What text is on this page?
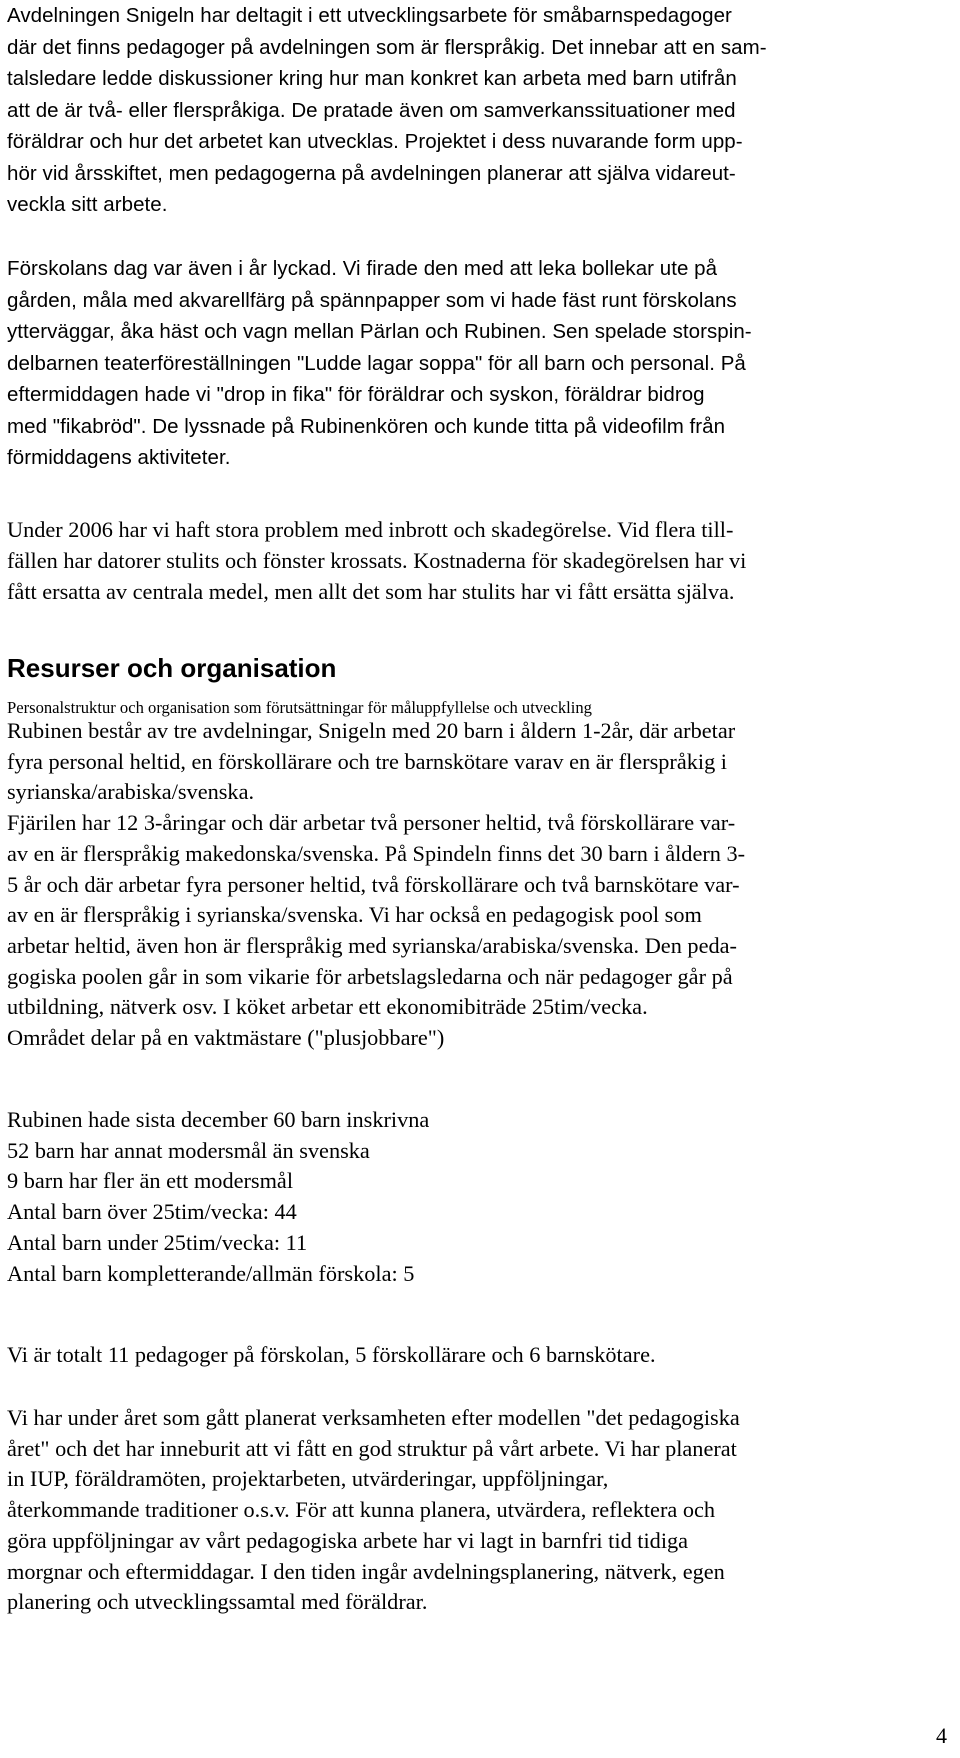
Avdelningen Snigeln har deltagit i ett utvecklingsarbete för småbarnspedagoger
där det finns pedagoger på avdelningen som är flerspråkig. Det innebar att en sam-
talsledare ledde diskussioner kring hur man konkret kan arbeta med barn utifrån
att de är två- eller flerspråkiga. De pratade även om samverkanssituationer med
föräldrar och hur det arbetet kan utvecklas. Projektet i dess nuvarande form upp-
hör vid årsskiftet, men pedagogerna på avdelningen planerar att själva vidareut-
veckla sitt arbete.
Förskolans dag var även i år lyckad. Vi firade den med att leka bollekar ute på
gården, måla med akvarellfärg på spännpapper som vi hade fäst runt förskolans
ytterväggar, åka häst och vagn mellan Pärlan och Rubinen. Sen spelade storspin-
delbarnen teaterföreställningen "Ludde lagar soppa" för all barn och personal. På
eftermiddagen hade vi "drop in fika" för föräldrar och syskon, föräldrar bidrog
med "fikabröd". De lyssnade på Rubinenkören och kunde titta på videofilm från
förmiddagens aktiviteter.
Under 2006 har vi haft stora problem med inbrott och skadegörelse. Vid flera till-
fällen har datorer stulits och fönster krossats. Kostnaderna för skadegörelsen har vi
fått ersatta av centrala medel, men allt det som har stulits har vi fått ersätta själva.
Resurser och organisation

Personalstruktur och organisation som förutsättningar för måluppfyllelse och utveckling

Rubinen består av tre avdelningar, Snigeln med 20 barn i åldern 1-2år, där arbetar
fyra personal heltid, en förskollärare och tre barnskötare varav en är flerspråkig i
syrianska/arabiska/svenska.
Fjärilen har 12 3-åringar och där arbetar två personer heltid, två förskollärare var-
av en är flerspråkig makedonska/svenska. På Spindeln finns det 30 barn i åldern 3-
5 år och där arbetar fyra personer heltid, två förskollärare och två barnskötare var-
av en är flerspråkig i syrianska/svenska. Vi har också en pedagogisk pool som
arbetar heltid, även hon är flerspråkig med syrianska/arabiska/svenska. Den peda-
gogiska poolen går in som vikarie för arbetslagsledarna och när pedagoger går på
utbildning, nätverk osv. I köket arbetar ett ekonomibiträde 25tim/vecka.
Området delar på en vaktmästare ("plusjobbare")
Rubinen hade sista december 60 barn inskrivna
52 barn har annat modersmål än svenska
9 barn har fler än ett modersmål
Antal barn över 25tim/vecka: 44
Antal barn under 25tim/vecka: 11
Antal barn kompletterande/allmän förskola: 5
Vi är totalt 11 pedagoger på förskolan, 5 förskollärare och 6 barnskötare.
Vi har under året som gått planerat verksamheten efter modellen "det pedagogiska
året" och det har inneburit att vi fått en god struktur på vårt arbete. Vi har planerat
in IUP, föräldramöten, projektarbeten, utvärderingar, uppföljningar,
återkommande traditioner o.s.v. För att kunna planera, utvärdera, reflektera och
göra uppföljningar av vårt pedagogiska arbete har vi lagt in barnfri tid tidiga
morgnar och eftermiddagar. I den tiden ingår avdelningsplanering, nätverk, egen
planering och utvecklingssamtal med föräldrar.
4
